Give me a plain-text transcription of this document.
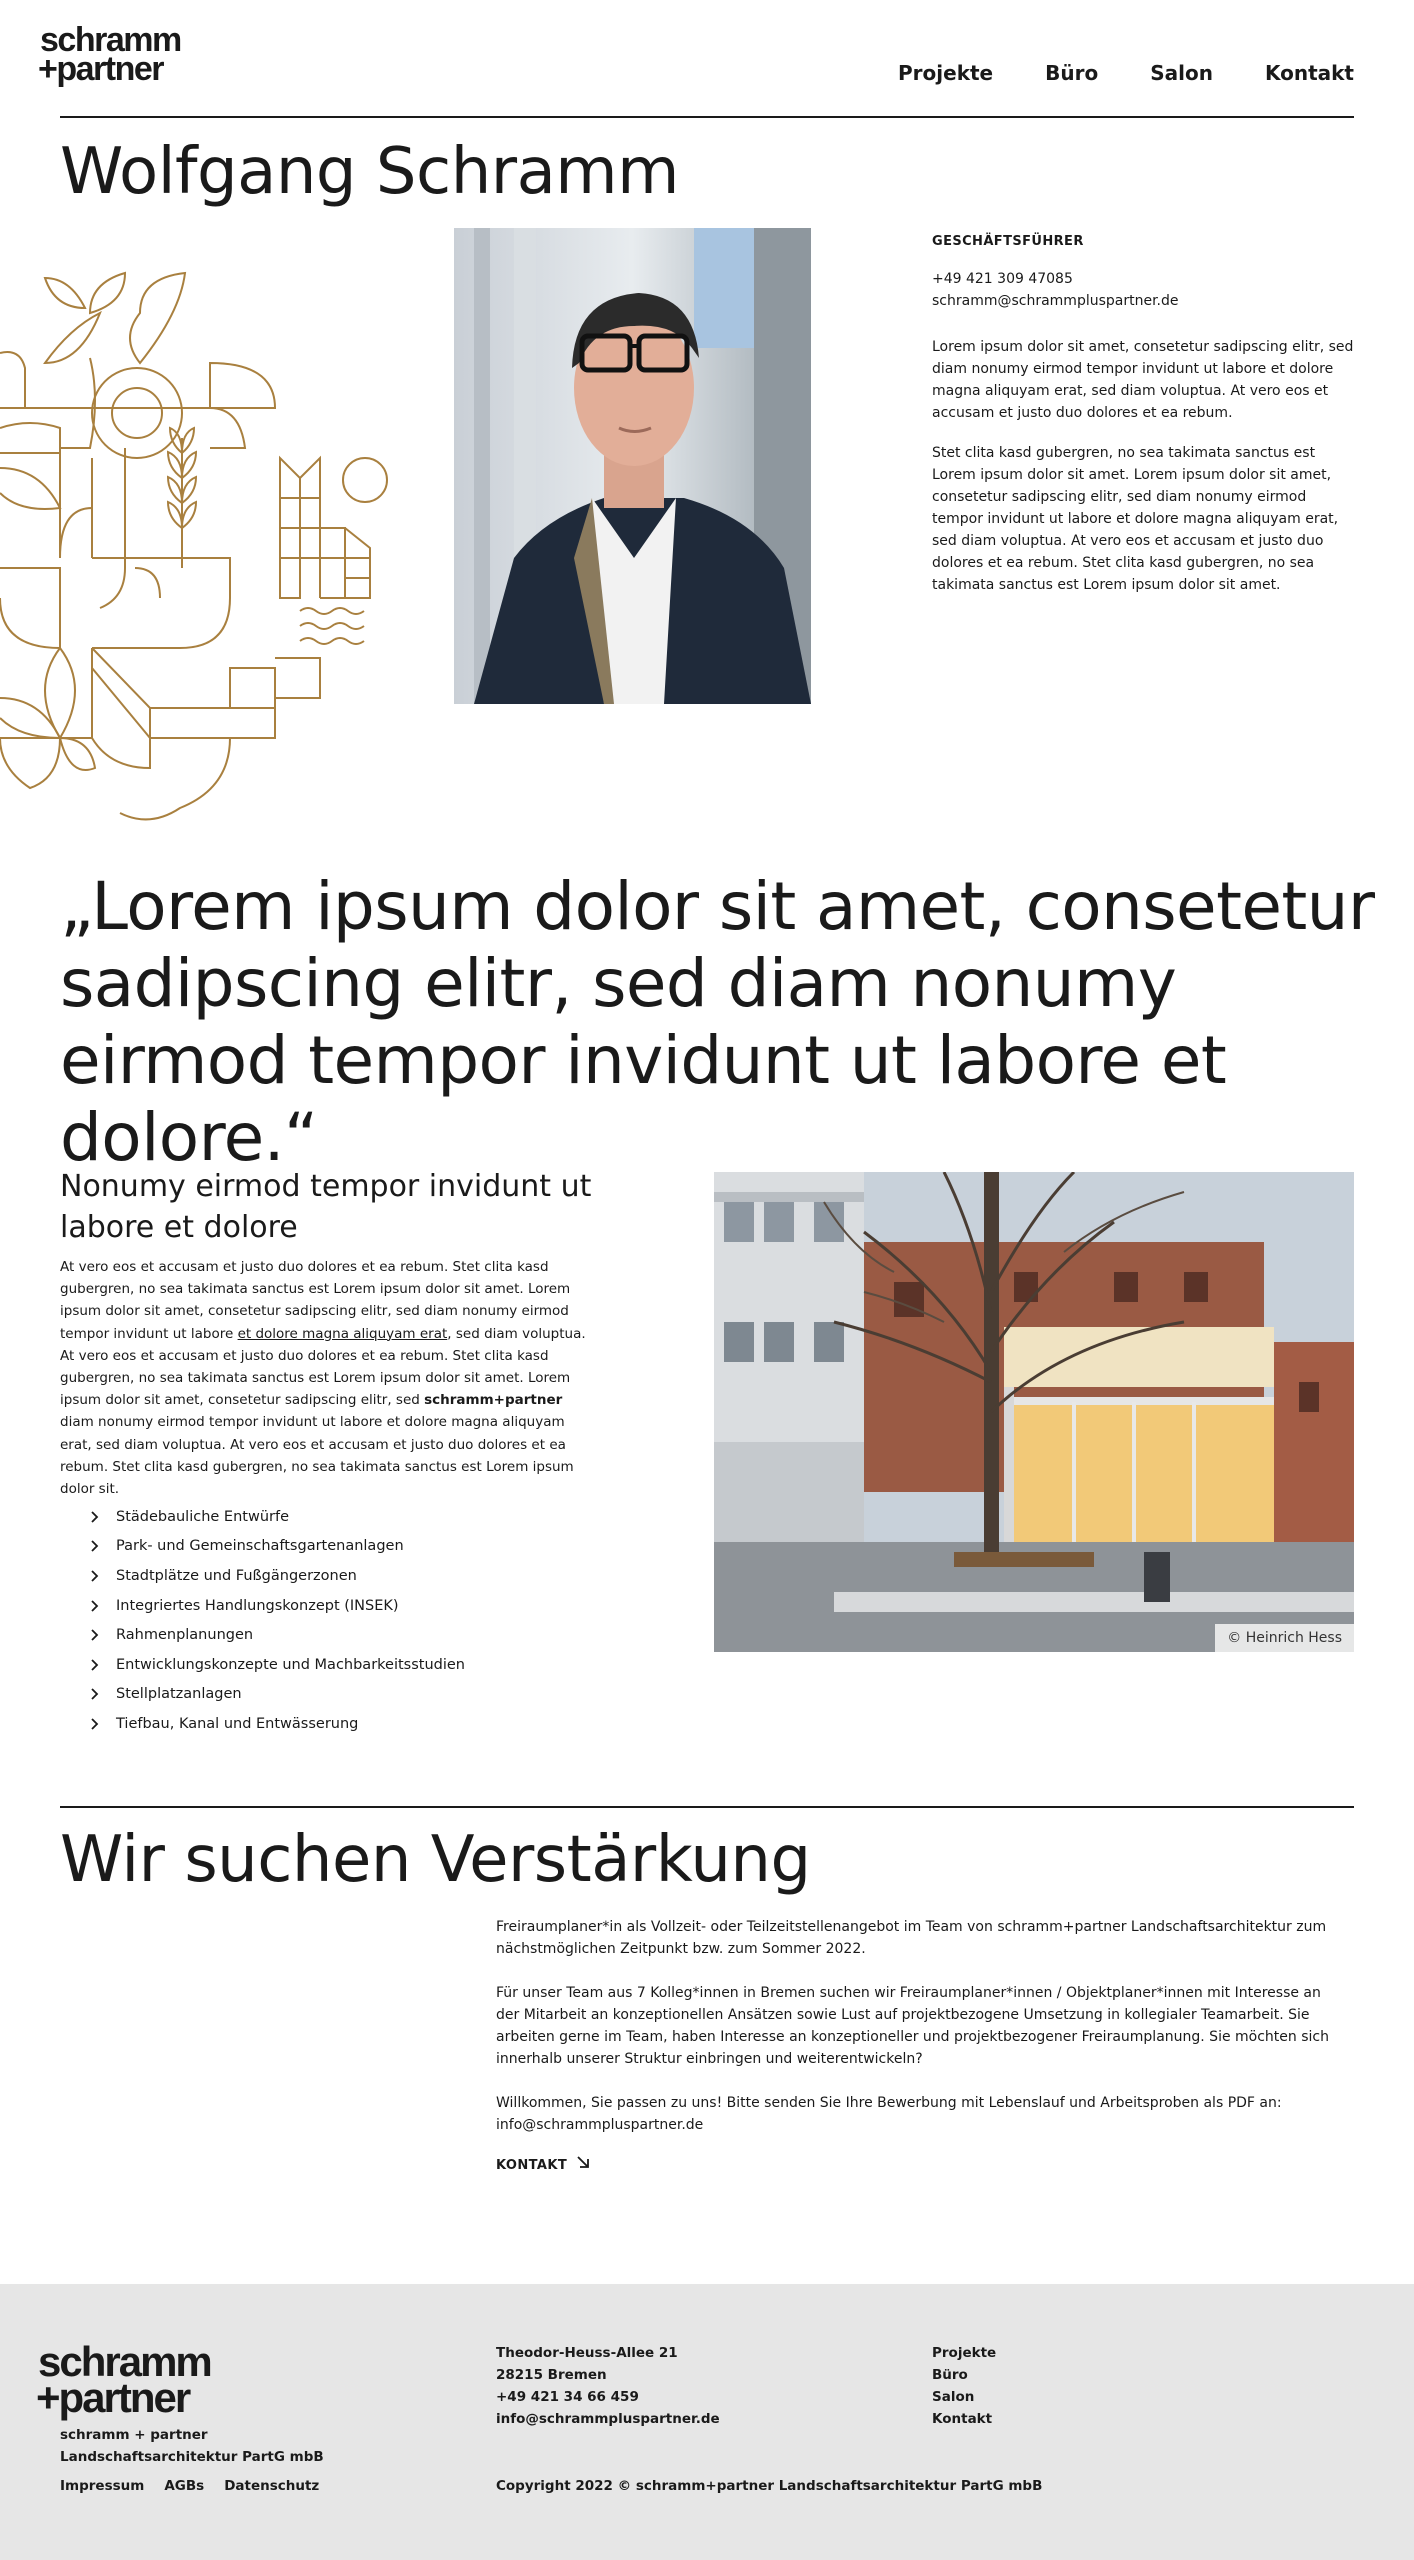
schramm
+partner	Projekte	Büro	Salon	Kontakt
Wolfgang Schramm
GESCHÄFTSFÜHRER
+49 421 309 47085
schramm@schrammpluspartner.de

Lorem ipsum dolor sit amet, consetetur sadipscing elitr, sed diam nonumy eirmod tempor invidunt ut labore et dolore magna aliquyam erat, sed diam voluptua. At vero eos et accusam et justo duo dolores et ea rebum.

Stet clita kasd gubergren, no sea takimata sanctus est Lorem ipsum dolor sit amet. Lorem ipsum dolor sit amet, consetetur sadipscing elitr, sed diam nonumy eirmod tempor invidunt ut labore et dolore magna aliquyam erat, sed diam voluptua. At vero eos et accusam et justo duo dolores et ea rebum. Stet clita kasd gubergren, no sea takimata sanctus est Lorem ipsum dolor sit amet.

„Lorem ipsum dolor sit amet, consetetur sadipscing elitr, sed diam nonumy eirmod tempor invidunt ut labore et dolore.“
Nonumy eirmod tempor invidunt ut labore et dolore
At vero eos et accusam et justo duo dolores et ea rebum. Stet clita kasd gubergren, no sea takimata sanctus est Lorem ipsum dolor sit amet. Lorem ipsum dolor sit amet, consetetur sadipscing elitr, sed diam nonumy eirmod tempor invidunt ut labore et dolore magna aliquyam erat, sed diam voluptua. At vero eos et accusam et justo duo dolores et ea rebum. Stet clita kasd gubergren, no sea takimata sanctus est Lorem ipsum dolor sit amet. Lorem ipsum dolor sit amet, consetetur sadipscing elitr, sed schramm+partner diam nonumy eirmod tempor invidunt ut labore et dolore magna aliquyam erat, sed diam voluptua. At vero eos et accusam et justo duo dolores et ea rebum. Stet clita kasd gubergren, no sea takimata sanctus est Lorem ipsum dolor sit.
Städebauliche Entwürfe
Park- und Gemeinschaftsgartenanlagen
Stadtplätze und Fußgängerzonen
Integriertes Handlungskonzept (INSEK)
Rahmenplanungen
Entwicklungskonzepte und Machbarkeitsstudien
Stellplatzanlagen
Tiefbau, Kanal und Entwässerung
© Heinrich Hess
Wir suchen Verstärkung

Freiraumplaner*in als Vollzeit- oder Teilzeitstellenangebot im Team von schramm+partner Landschaftsarchitektur zum nächstmöglichen Zeitpunkt bzw. zum Sommer 2022.

Für unser Team aus 7 Kolleg*innen in Bremen suchen wir Freiraumplaner*innen / Objektplaner*innen mit Interesse an der Mitarbeit an konzeptionellen Ansätzen sowie Lust auf projektbezogene Umsetzung in kollegialer Teamarbeit. Sie arbeiten gerne im Team, haben Interesse an konzeptioneller und projektbezogener Freiraumplanung. Sie möchten sich innerhalb unserer Struktur einbringen und weiterentwickeln?

Willkommen, Sie passen zu uns! Bitte senden Sie Ihre Bewerbung mit Lebenslauf und Arbeitsproben als PDF an:
info@schrammpluspartner.de

KONTAKT
schramm
+partner
schramm + partner
Landschaftsarchitektur PartG mbB
Impressum AGBs Datenschutz
Theodor-Heuss-Allee 21
28215 Bremen
+49 421 34 66 459
info@schrammpluspartner.de
Projekte
Büro
Salon
Kontakt
Copyright 2022 © schramm+partner Landschaftsarchitektur PartG mbB
